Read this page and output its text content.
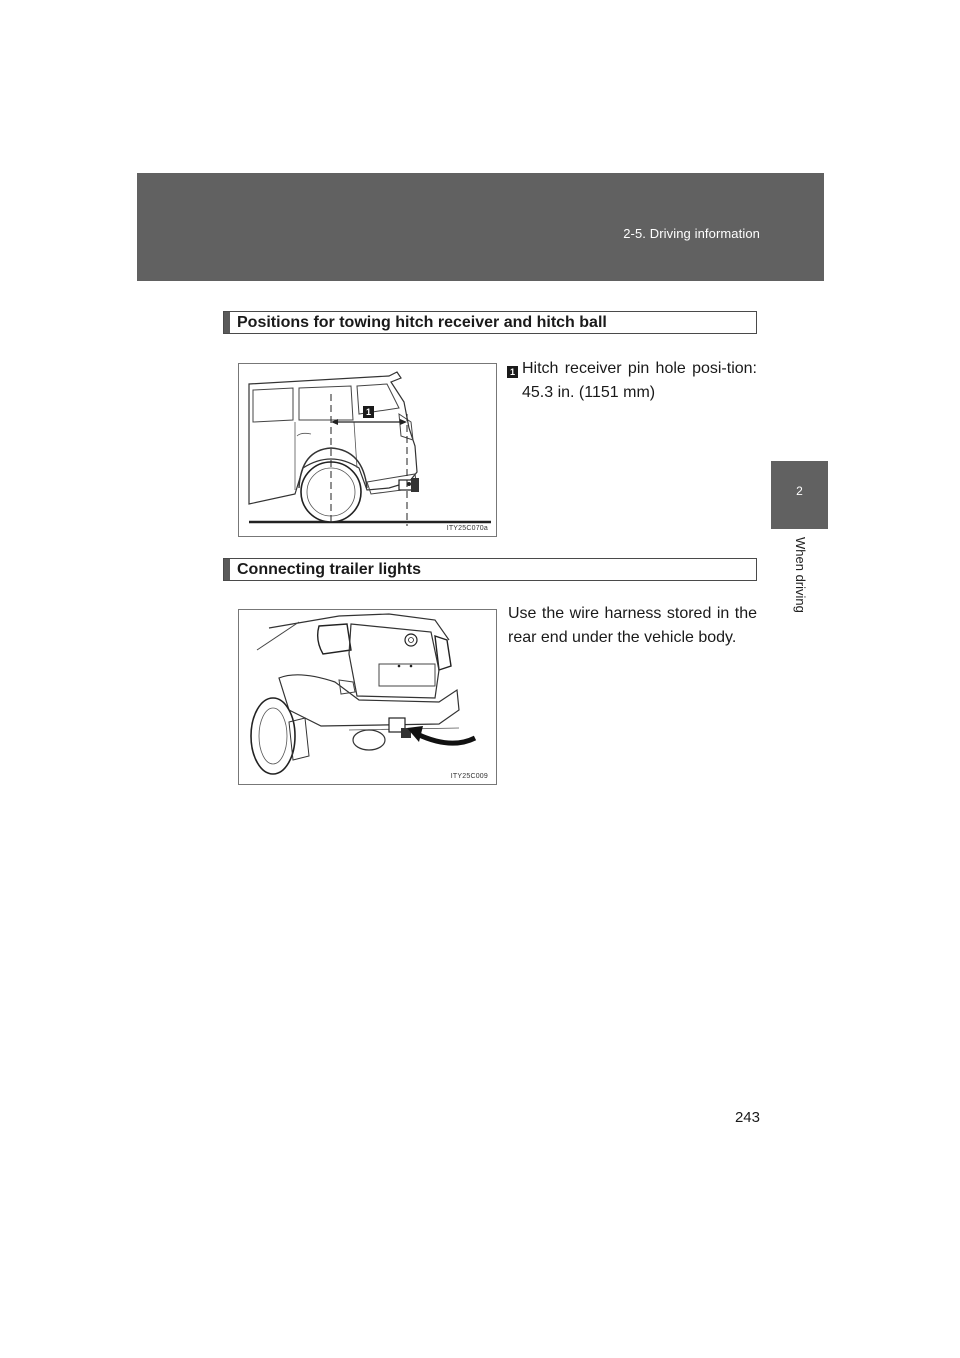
2-5. Driving information
2
When driving
Positions for towing hitch receiver and hitch ball
1
ITY25C070a
1 Hitch receiver pin hole posi-tion: 45.3 in. (1151 mm)
Connecting trailer lights
ITY25C009
Use the wire harness stored in the rear end under the vehicle body.
243
